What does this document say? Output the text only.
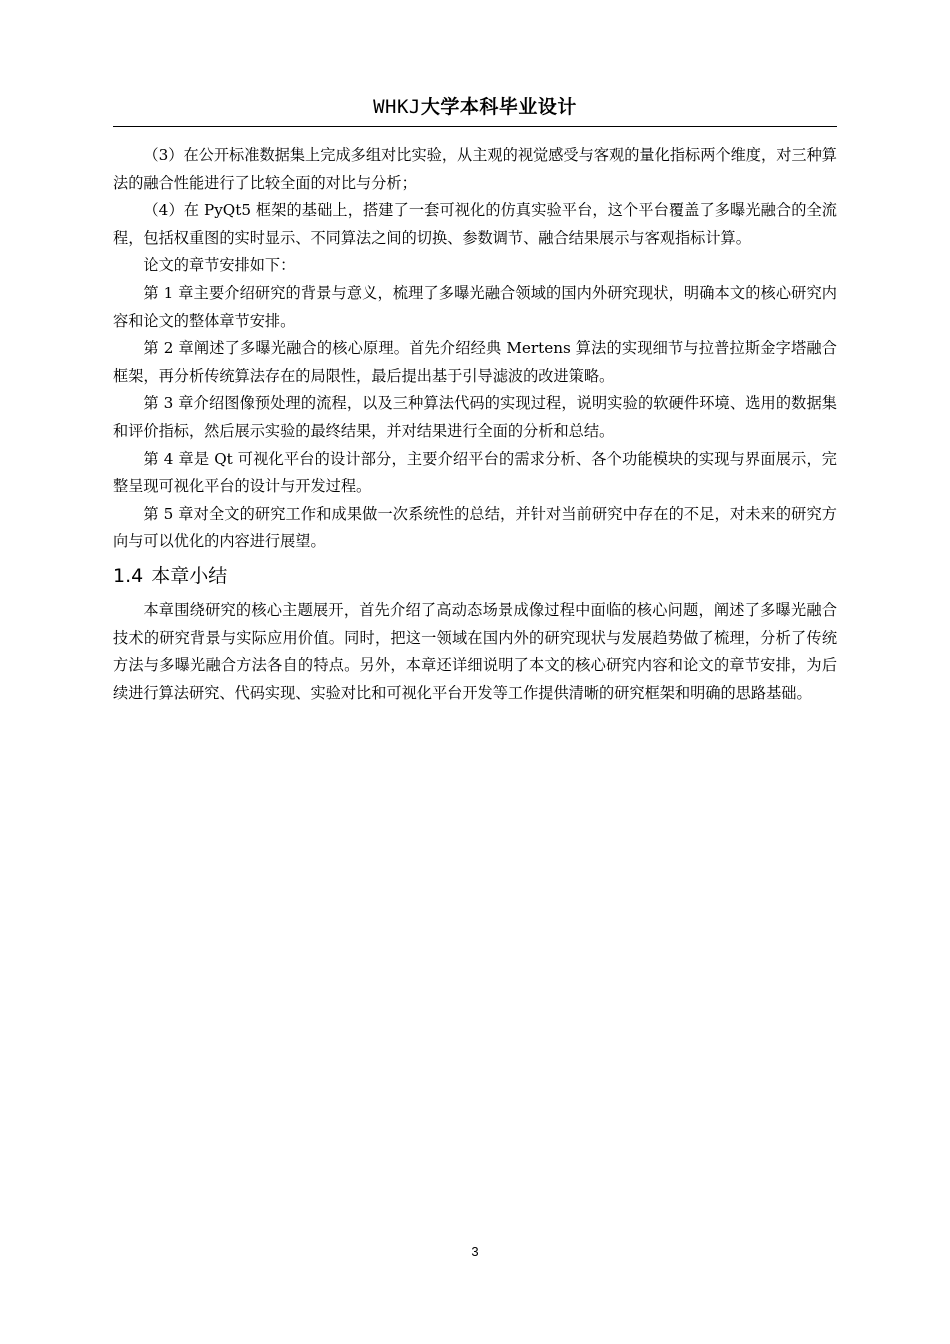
WHKJ大学本科毕业设计

（3）在公开标准数据集上完成多组对比实验，从主观的视觉感受与客观的量化指标两个维度，对三种算法的融合性能进行了比较全面的对比与分析；

（4）在 PyQt5 框架的基础上，搭建了一套可视化的仿真实验平台，这个平台覆盖了多曝光融合的全流程，包括权重图的实时显示、不同算法之间的切换、参数调节、融合结果展示与客观指标计算。

论文的章节安排如下：

第 1 章主要介绍研究的背景与意义，梳理了多曝光融合领域的国内外研究现状，明确本文的核心研究内容和论文的整体章节安排。

第 2 章阐述了多曝光融合的核心原理。首先介绍经典 Mertens 算法的实现细节与拉普拉斯金字塔融合框架，再分析传统算法存在的局限性，最后提出基于引导滤波的改进策略。

第 3 章介绍图像预处理的流程，以及三种算法代码的实现过程，说明实验的软硬件环境、选用的数据集和评价指标，然后展示实验的最终结果，并对结果进行全面的分析和总结。

第 4 章是 Qt 可视化平台的设计部分，主要介绍平台的需求分析、各个功能模块的实现与界面展示，完整呈现可视化平台的设计与开发过程。

第 5 章对全文的研究工作和成果做一次系统性的总结，并针对当前研究中存在的不足，对未来的研究方向与可以优化的内容进行展望。

1.4 本章小结

本章围绕研究的核心主题展开，首先介绍了高动态场景成像过程中面临的核心问题，阐述了多曝光融合技术的研究背景与实际应用价值。同时，把这一领域在国内外的研究现状与发展趋势做了梳理，分析了传统方法与多曝光融合方法各自的特点。另外，本章还详细说明了本文的核心研究内容和论文的章节安排，为后续进行算法研究、代码实现、实验对比和可视化平台开发等工作提供清晰的研究框架和明确的思路基础。

3
